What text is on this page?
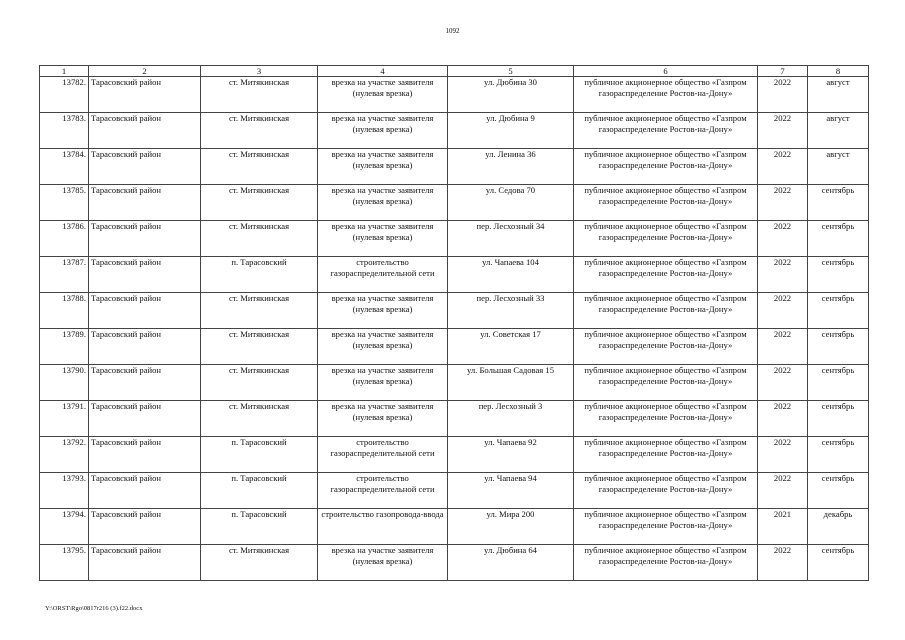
1092
1	2	3	4	5	6	7	8
13782.	Тарасовский район	ст. Митякинская	врезка на участке заявителя (нулевая врезка)	ул. Дюбина 30	публичное акционерное общество «Газпром газораспределение Ростов-на-Дону»	2022	август
13783.	Тарасовский район	ст. Митякинская	врезка на участке заявителя (нулевая врезка)	ул. Дюбина 9	публичное акционерное общество «Газпром газораспределение Ростов-на-Дону»	2022	август
13784.	Тарасовский район	ст. Митякинская	врезка на участке заявителя (нулевая врезка)	ул. Ленина 36	публичное акционерное общество «Газпром газораспределение Ростов-на-Дону»	2022	август
13785.	Тарасовский район	ст. Митякинская	врезка на участке заявителя (нулевая врезка)	ул. Седова 70	публичное акционерное общество «Газпром газораспределение Ростов-на-Дону»	2022	сентябрь
13786.	Тарасовский район	ст. Митякинская	врезка на участке заявителя (нулевая врезка)	пер. Лесхозный 34	публичное акционерное общество «Газпром газораспределение Ростов-на-Дону»	2022	сентябрь
13787.	Тарасовский район	п. Тарасовский	строительство газораспределительной сети	ул. Чапаева 104	публичное акционерное общество «Газпром газораспределение Ростов-на-Дону»	2022	сентябрь
13788.	Тарасовский район	ст. Митякинская	врезка на участке заявителя (нулевая врезка)	пер. Лесхозный 33	публичное акционерное общество «Газпром газораспределение Ростов-на-Дону»	2022	сентябрь
13789.	Тарасовский район	ст. Митякинская	врезка на участке заявителя (нулевая врезка)	ул. Советская 17	публичное акционерное общество «Газпром газораспределение Ростов-на-Дону»	2022	сентябрь
13790.	Тарасовский район	ст. Митякинская	врезка на участке заявителя (нулевая врезка)	ул. Большая Садовая 15	публичное акционерное общество «Газпром газораспределение Ростов-на-Дону»	2022	сентябрь
13791.	Тарасовский район	ст. Митякинская	врезка на участке заявителя (нулевая врезка)	пер. Лесхозный 3	публичное акционерное общество «Газпром газораспределение Ростов-на-Дону»	2022	сентябрь
13792.	Тарасовский район	п. Тарасовский	строительство газораспределительной сети	ул. Чапаева 92	публичное акционерное общество «Газпром газораспределение Ростов-на-Дону»	2022	сентябрь
13793.	Тарасовский район	п. Тарасовский	строительство газораспределительной сети	ул. Чапаева 94	публичное акционерное общество «Газпром газораспределение Ростов-на-Дону»	2022	сентябрь
13794.	Тарасовский район	п. Тарасовский	строительство газопровода-ввода	ул. Мира 200	публичное акционерное общество «Газпром газораспределение Ростов-на-Дону»	2021	декабрь
13795.	Тарасовский район	ст. Митякинская	врезка на участке заявителя (нулевая врезка)	ул. Дюбина 64	публичное акционерное общество «Газпром газораспределение Ростов-на-Дону»	2022	сентябрь
Y:\ORST\Rgo\0817r216 (3).f22.docx
